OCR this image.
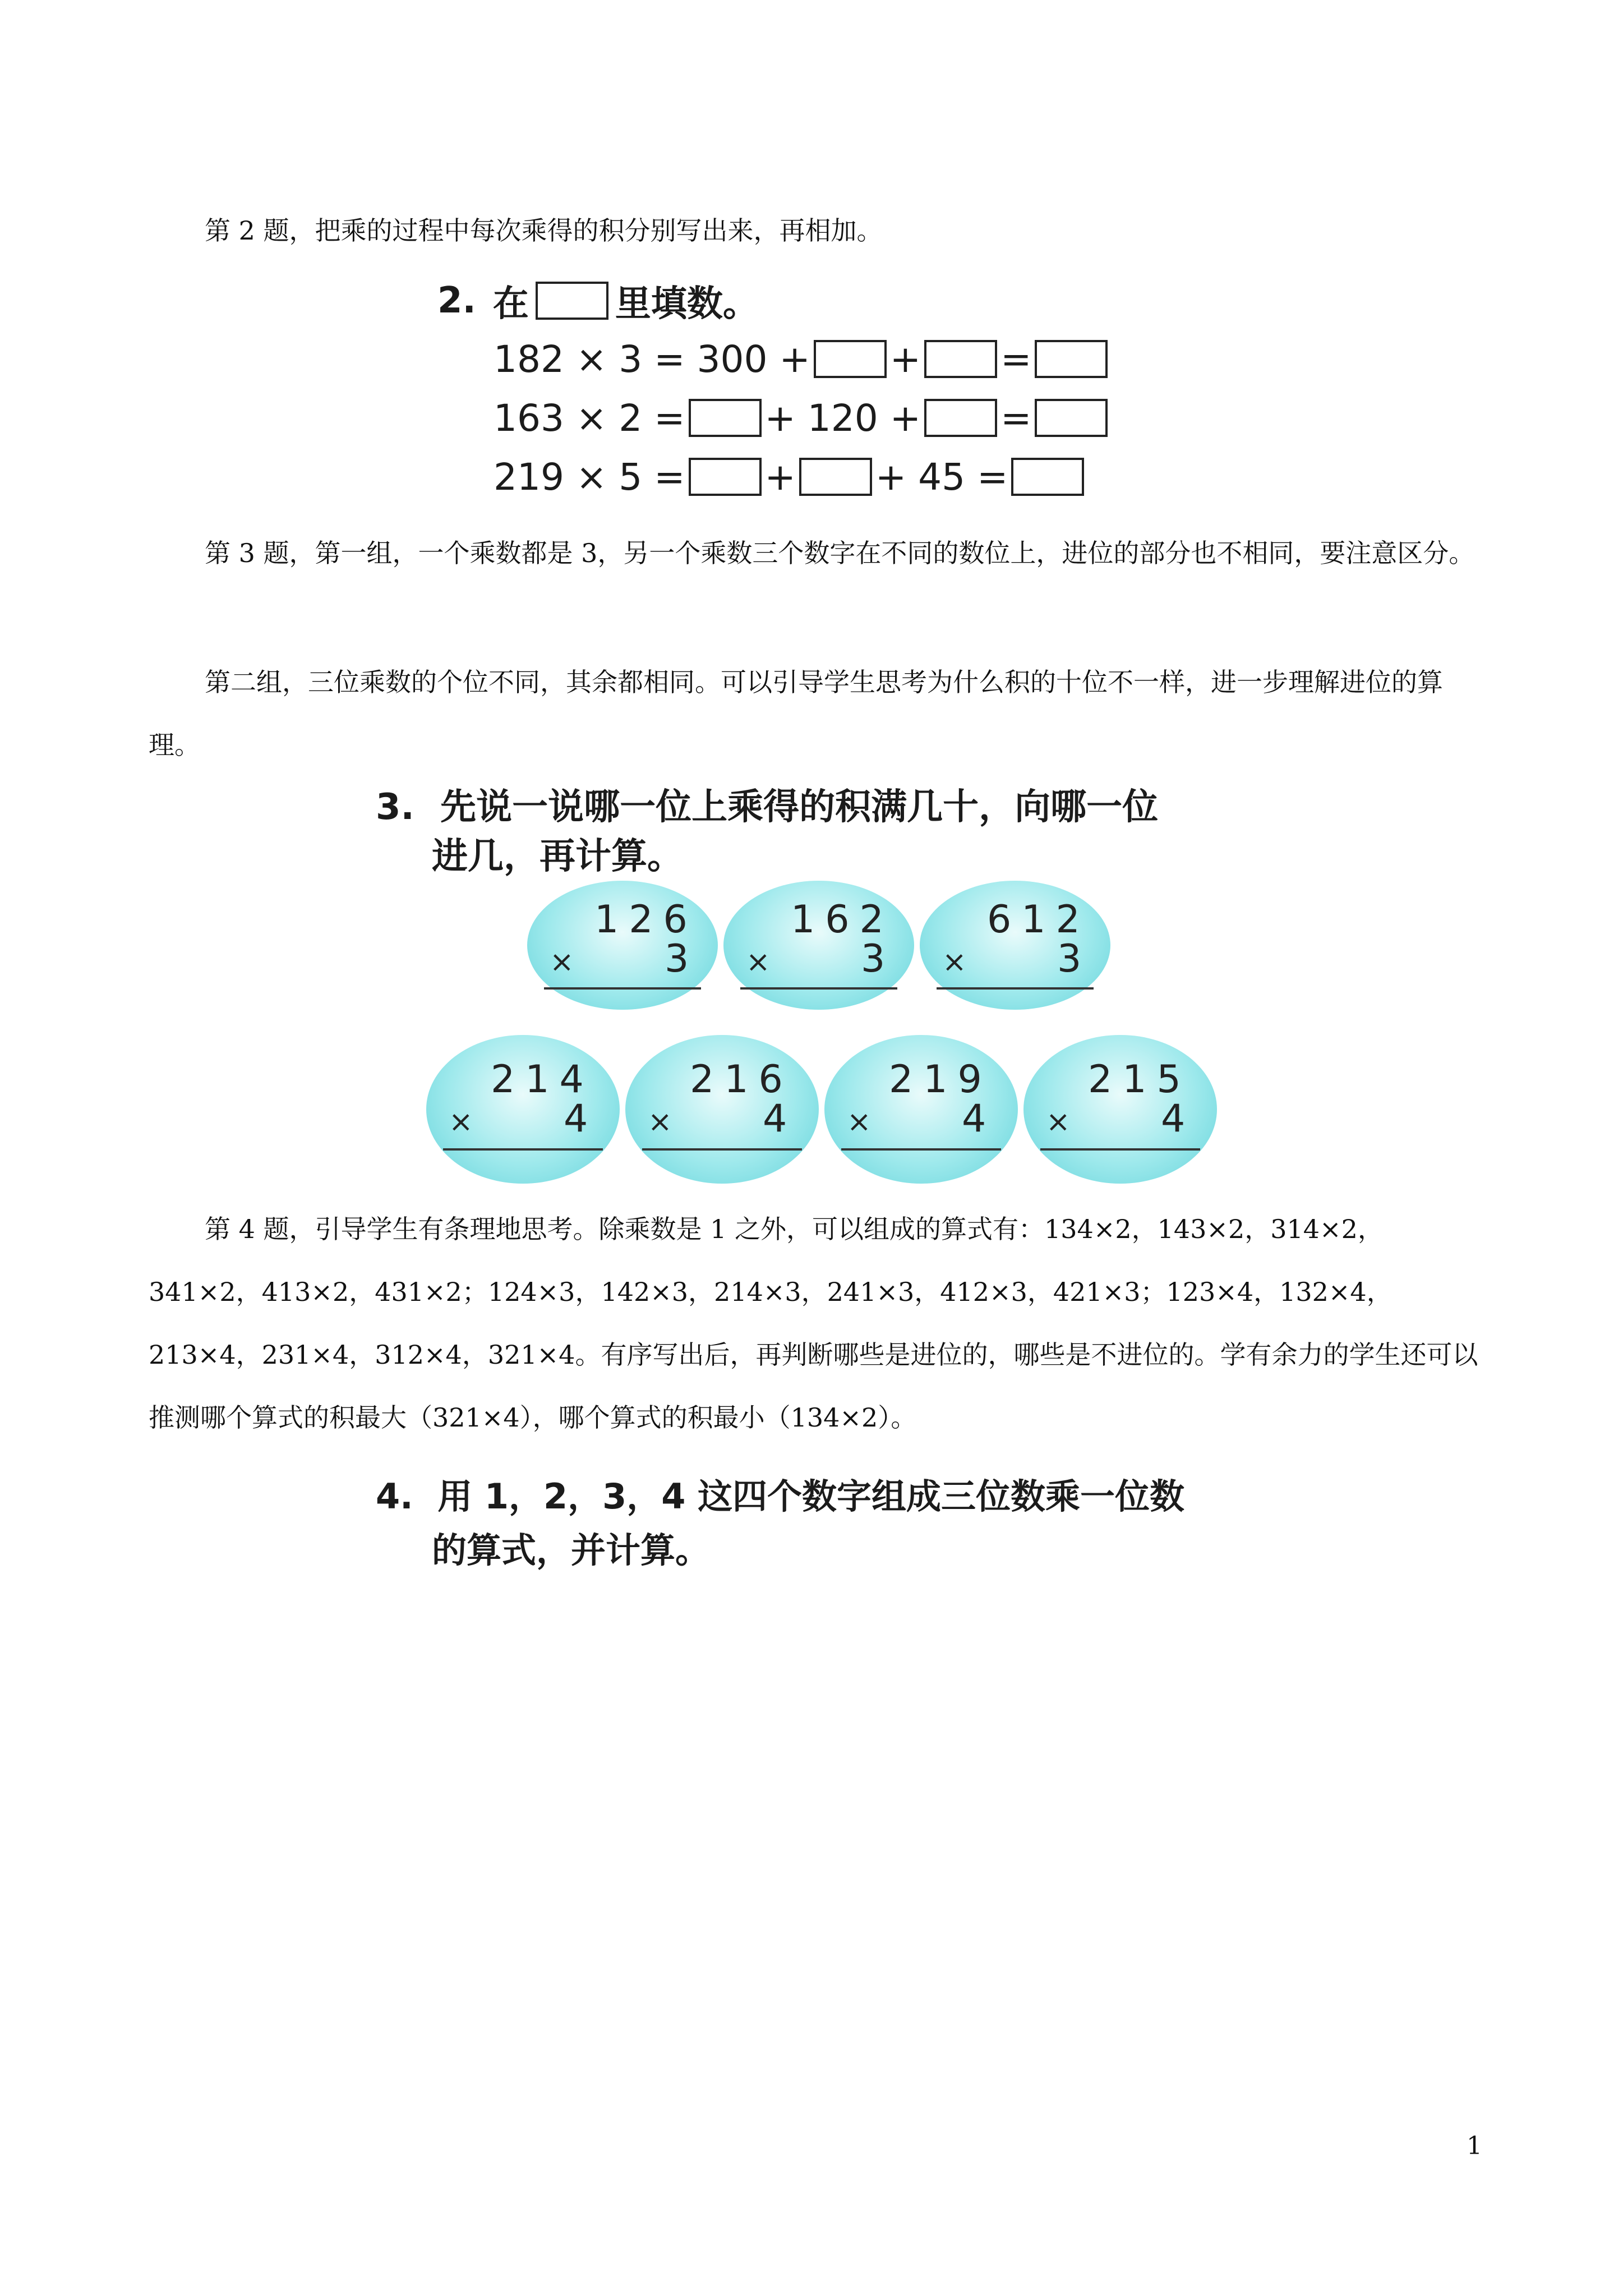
第 2 题，把乘的过程中每次乘得的积分别写出来，再相加。

2. 在 里填数。
182 × 3 = 300 + + =
163 × 2 = + 120 + =
219 × 5 = + + 45 =

第 3 题，第一组，一个乘数都是 3，另一个乘数三个数字在不同的数位上，进位的部分也不相同，要注意区分。

第二组，三位乘数的个位不同，其余都相同。可以引导学生思考为什么积的十位不一样，进一步理解进位的算理。

3. 先说一说哪一位上乘得的积满几十，向哪一位
进几，再计算。
126
× 3
162
× 3
612
× 3
214
× 4
216
× 4
219
× 4
215
× 4

第 4 题，引导学生有条理地思考。除乘数是 1 之外，可以组成的算式有：134×2，143×2，314×2，341×2，413×2，431×2；124×3，142×3，214×3，241×3，412×3，421×3；123×4，132×4，213×4，231×4，312×4，321×4。有序写出后，再判断哪些是进位的，哪些是不进位的。学有余力的学生还可以推测哪个算式的积最大（321×4），哪个算式的积最小（134×2）。

4. 用 1，2，3，4 这四个数字组成三位数乘一位数
的算式，并计算。
1
